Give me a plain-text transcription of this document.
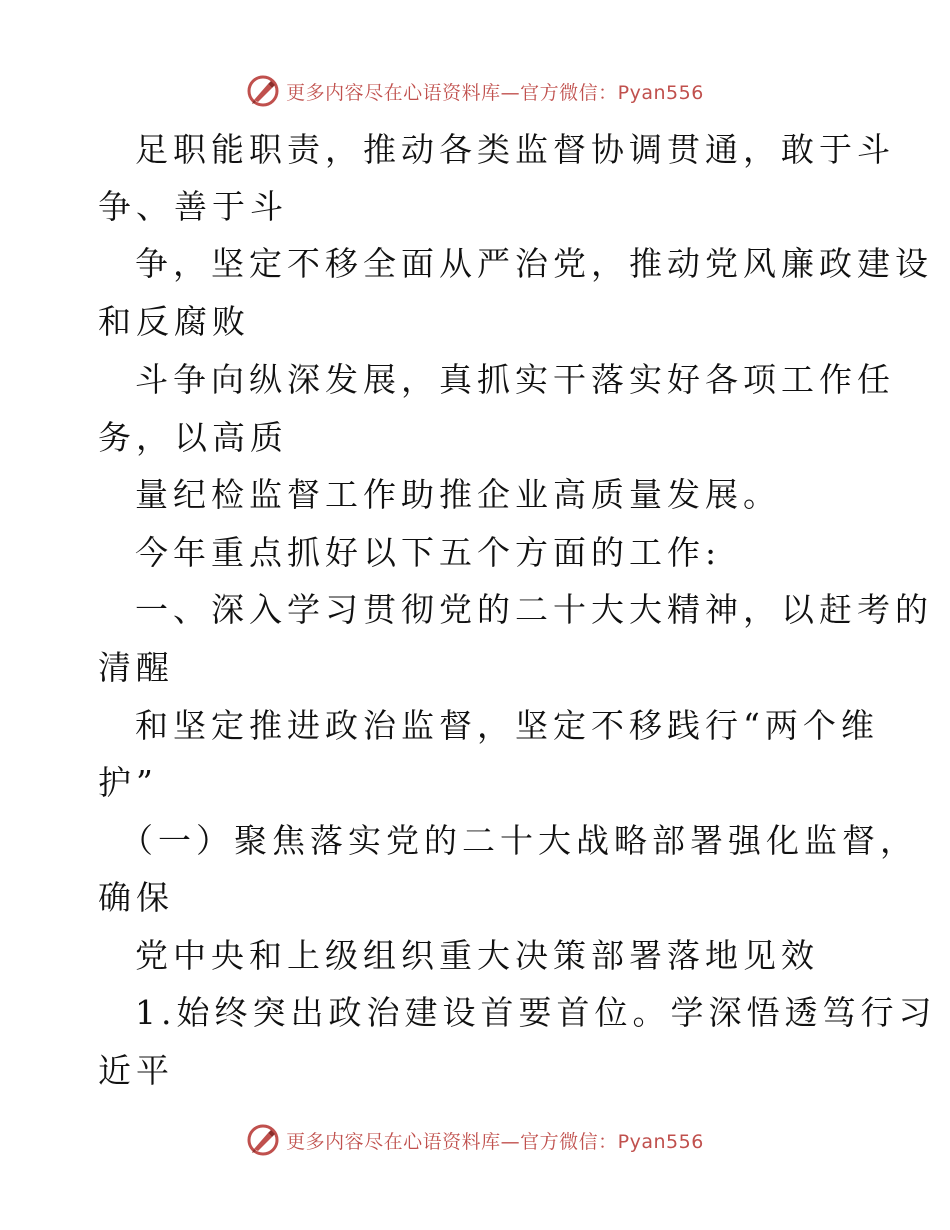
更多内容尽在心语资料库—官方微信：Pyan556
足职能职责，推动各类监督协调贯通，敢于斗
争、善于斗
争，坚定不移全面从严治党，推动党风廉政建设
和反腐败
斗争向纵深发展，真抓实干落实好各项工作任
务，以高质
量纪检监督工作助推企业高质量发展。
今年重点抓好以下五个方面的工作:
一、深入学习贯彻党的二十大大精神，以赶考的
清醒
和坚定推进政治监督，坚定不移践行“两个维
护”
（一）聚焦落实党的二十大战略部署强化监督，
确保
党中央和上级组织重大决策部署落地见效
1.始终突出政治建设首要首位。学深悟透笃行习
近平
更多内容尽在心语资料库—官方微信：Pyan556
